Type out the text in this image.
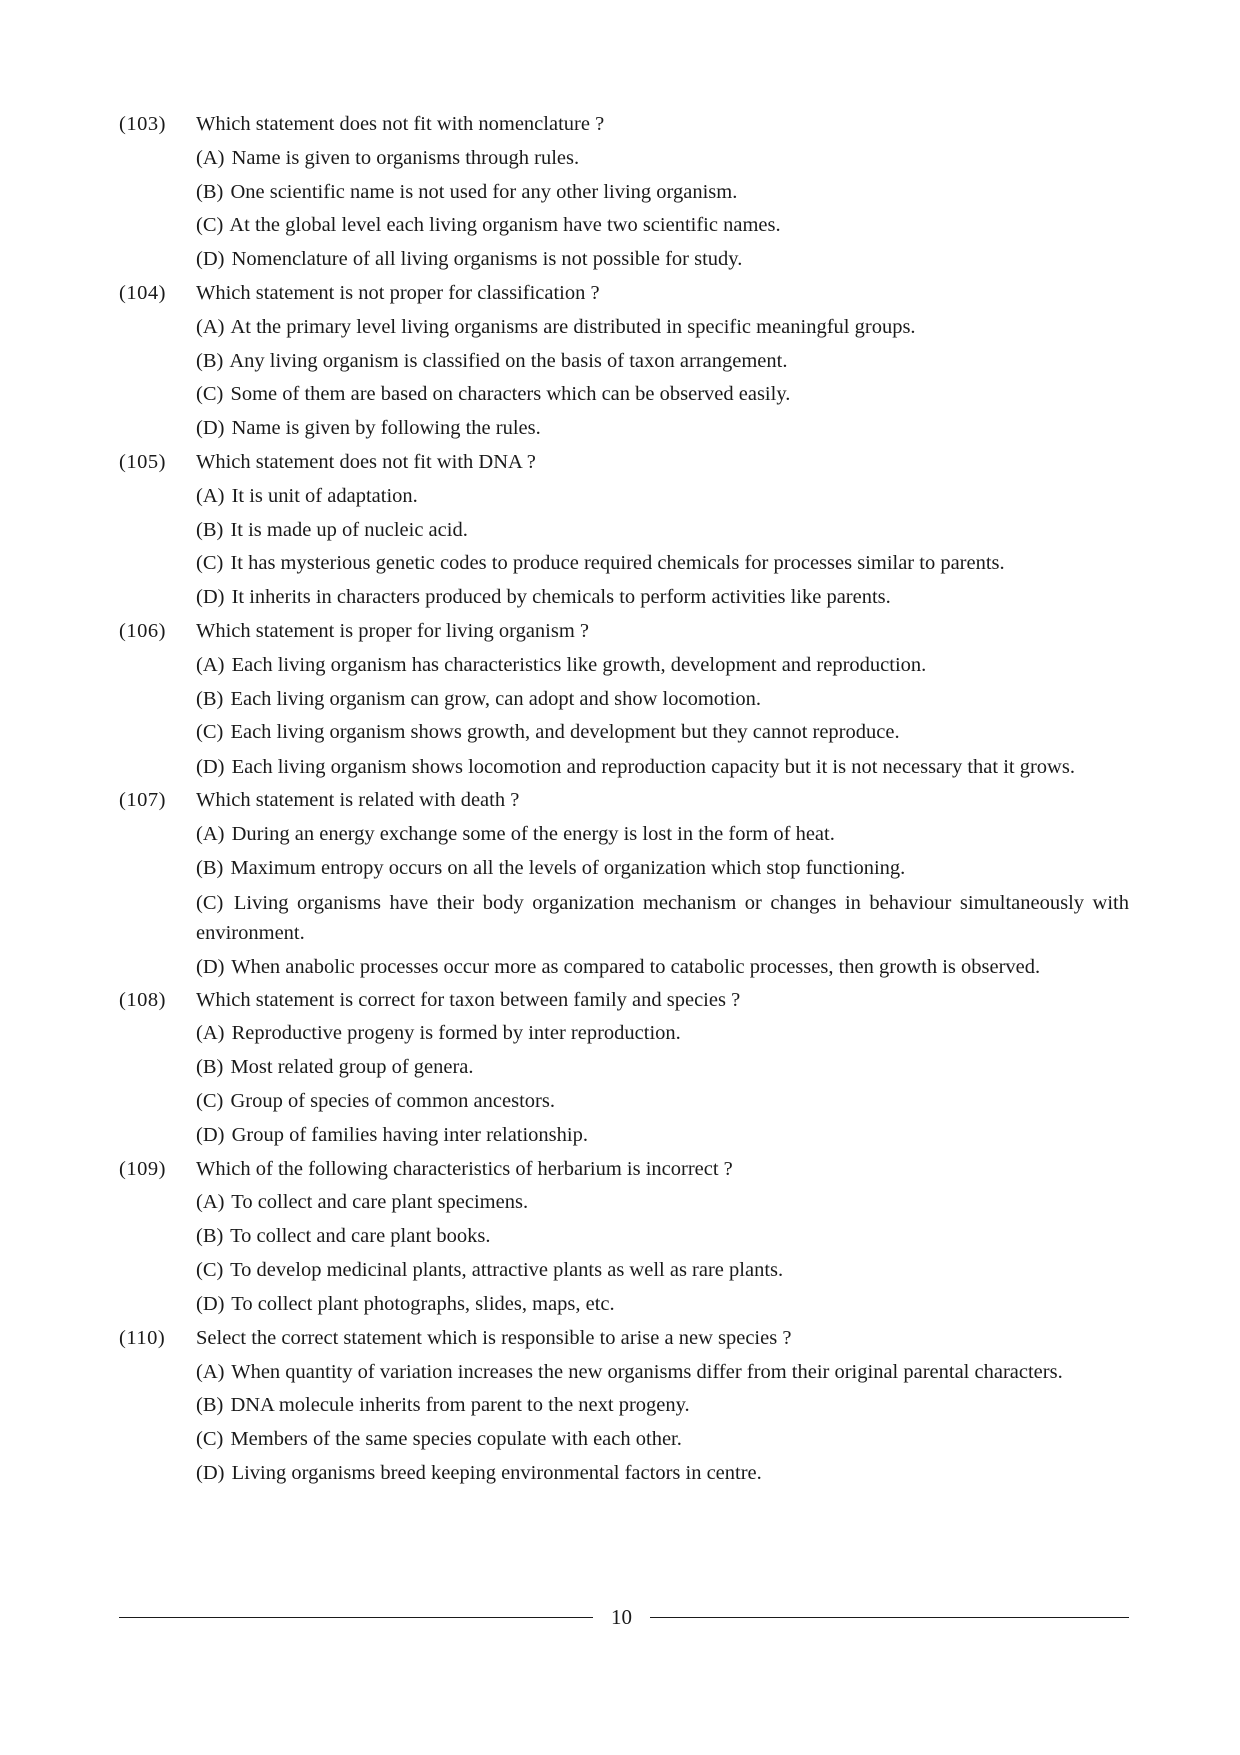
(103) Which statement does not fit with nomenclature ?
(A) Name is given to organisms through rules.
(B) One scientific name is not used for any other living organism.
(C) At the global level each living organism have two scientific names.
(D) Nomenclature of all living organisms is not possible for study.
(104) Which statement is not proper for classification ?
(A) At the primary level living organisms are distributed in specific meaningful groups.
(B) Any living organism is classified on the basis of taxon arrangement.
(C) Some of them are based on characters which can be observed easily.
(D) Name is given by following the rules.
(105) Which statement does not fit with DNA ?
(A) It is unit of adaptation.
(B) It is made up of nucleic acid.
(C) It has mysterious genetic codes to produce required chemicals for processes similar to parents.
(D) It inherits in characters produced by chemicals to perform activities like parents.
(106) Which statement is proper for living organism ?
(A) Each living organism has characteristics like growth, development and reproduction.
(B) Each living organism can grow, can adopt and show locomotion.
(C) Each living organism shows growth, and development but they cannot reproduce.
(D) Each living organism shows locomotion and reproduction capacity but it is not necessary that it grows.
(107) Which statement is related with death ?
(A) During an energy exchange some of the energy is lost in the form of heat.
(B) Maximum entropy occurs on all the levels of organization which stop functioning.
(C) Living organisms have their body organization mechanism or changes in behaviour simultaneously with environment.
(D) When anabolic processes occur more as compared to catabolic processes, then growth is observed.
(108) Which statement is correct for taxon between family and species ?
(A) Reproductive progeny is formed by inter reproduction.
(B) Most related group of genera.
(C) Group of species of common ancestors.
(D) Group of families having inter relationship.
(109) Which of the following characteristics of herbarium is incorrect ?
(A) To collect and care plant specimens.
(B) To collect and care plant books.
(C) To develop medicinal plants, attractive plants as well as rare plants.
(D) To collect plant photographs, slides, maps, etc.
(110) Select the correct statement which is responsible to arise a new species ?
(A) When quantity of variation increases the new organisms differ from their original parental characters.
(B) DNA molecule inherits from parent to the next progeny.
(C) Members of the same species copulate with each other.
(D) Living organisms breed keeping environmental factors in centre.
10
